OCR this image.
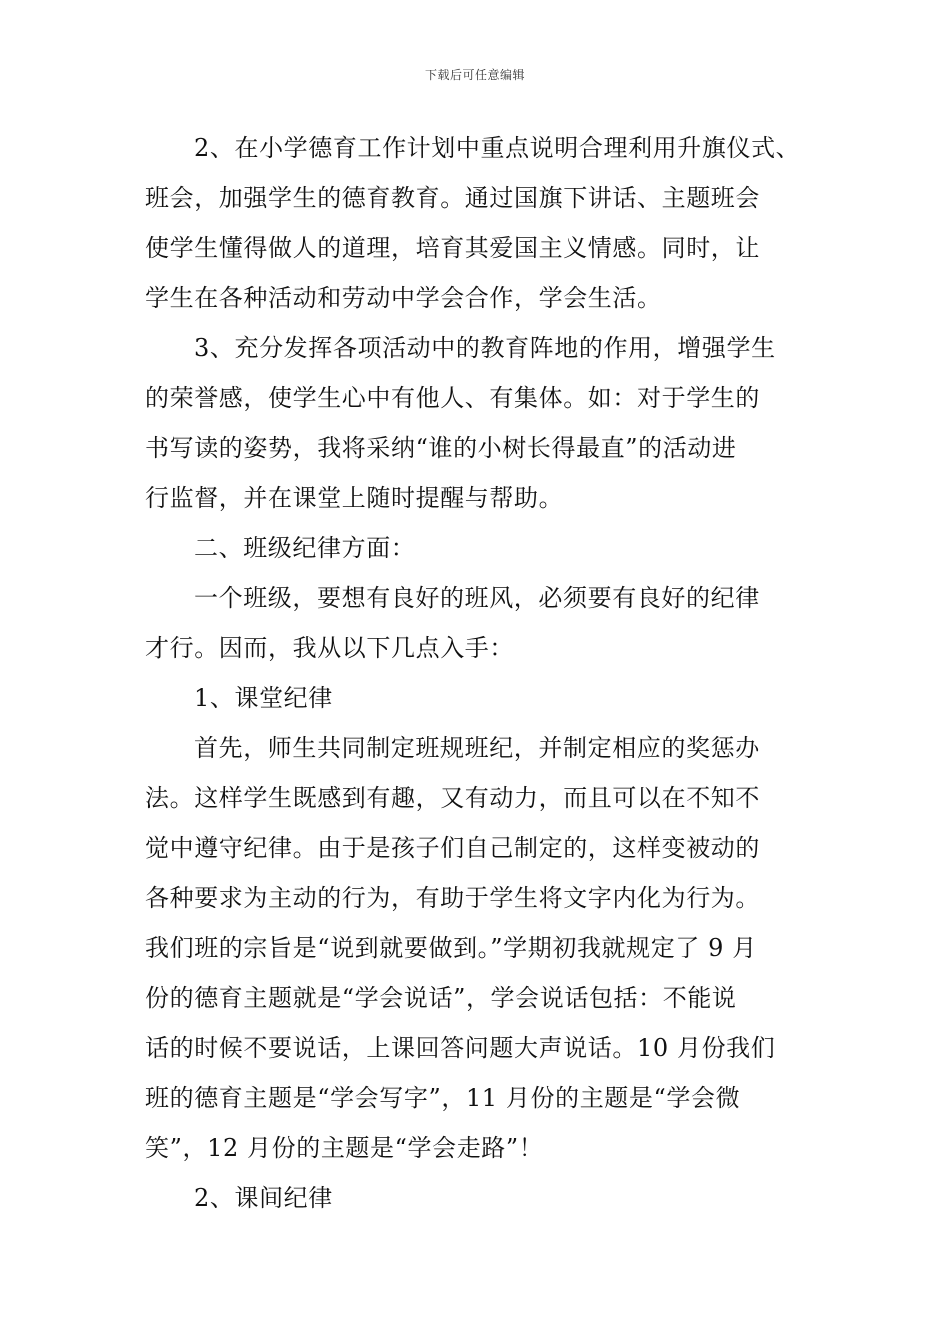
下载后可任意编辑
2、在小学德育工作计划中重点说明合理利用升旗仪式、
班会，加强学生的德育教育。通过国旗下讲话、主题班会
使学生懂得做人的道理，培育其爱国主义情感。同时，让
学生在各种活动和劳动中学会合作，学会生活。
3、充分发挥各项活动中的教育阵地的作用，增强学生
的荣誉感，使学生心中有他人、有集体。如：对于学生的
书写读的姿势，我将采纳“谁的小树长得最直”的活动进
行监督，并在课堂上随时提醒与帮助。
二、班级纪律方面：
一个班级，要想有良好的班风，必须要有良好的纪律
才行。因而，我从以下几点入手：
1、课堂纪律
首先，师生共同制定班规班纪，并制定相应的奖惩办
法。这样学生既感到有趣，又有动力，而且可以在不知不
觉中遵守纪律。由于是孩子们自己制定的，这样变被动的
各种要求为主动的行为，有助于学生将文字内化为行为。
我们班的宗旨是“说到就要做到。”学期初我就规定了 9 月
份的德育主题就是“学会说话”，学会说话包括：不能说
话的时候不要说话，上课回答问题大声说话。10 月份我们
班的德育主题是“学会写字”，11 月份的主题是“学会微
笑”，12 月份的主题是“学会走路”！
2、课间纪律
